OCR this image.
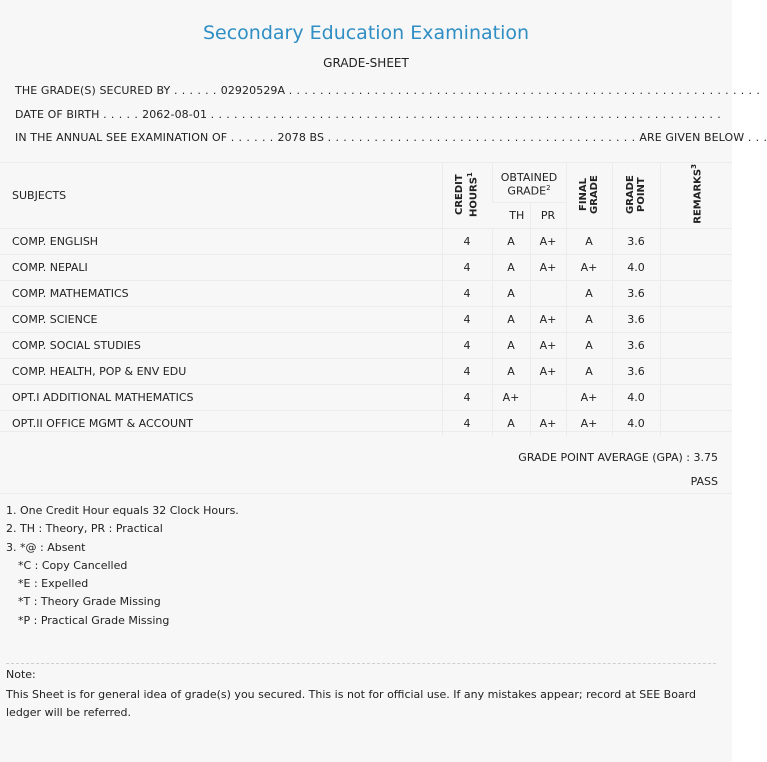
Secondary Education Examination
GRADE-SHEET
THE GRADE(S) SECURED BY . . . . . . 02920529A . . . . . . . . . . . . . . . . . . . . . . . . . . . . . . . . . . . . . . . . . . . . . . . . . . . . . . . . . . . . .
DATE OF BIRTH . . . . . 2062-08-01 . . . . . . . . . . . . . . . . . . . . . . . . . . . . . . . . . . . . . . . . . . . . . . . . . . . . . . . . . . . . . . . . . .
IN THE ANNUAL SEE EXAMINATION OF . . . . . . 2078 BS . . . . . . . . . . . . . . . . . . . . . . . . . . . . . . . . . . . . . . . . ARE GIVEN BELOW . . .
SUBJECTS	CREDIT HOURS$^1$	OBTAINED GRADE$^2$		FINAL GRADE	GRADE POINT	REMARKS$^3$
		TH	PR			
COMP. ENGLISH	4	A	A+	A	3.6	
COMP. NEPALI	4	A	A+	A+	4.0	
COMP. MATHEMATICS	4	A		A	3.6	
COMP. SCIENCE	4	A	A+	A	3.6	
COMP. SOCIAL STUDIES	4	A	A+	A	3.6	
COMP. HEALTH, POP & ENV EDU	4	A	A+	A	3.6	
OPT.I ADDITIONAL MATHEMATICS	4	A+		A+	4.0	
OPT.II OFFICE MGMT & ACCOUNT	4	A	A+	A+	4.0	
GRADE POINT AVERAGE (GPA) : 3.75
PASS
1. One Credit Hour equals 32 Clock Hours.
2. TH : Theory, PR : Practical
3. *@ : Absent
*C : Copy Cancelled
*E : Expelled
*T : Theory Grade Missing
*P : Practical Grade Missing
Note:
This Sheet is for general idea of grade(s) you secured. This is not for official use. If any mistakes appear; record at SEE Board ledger will be referred.
